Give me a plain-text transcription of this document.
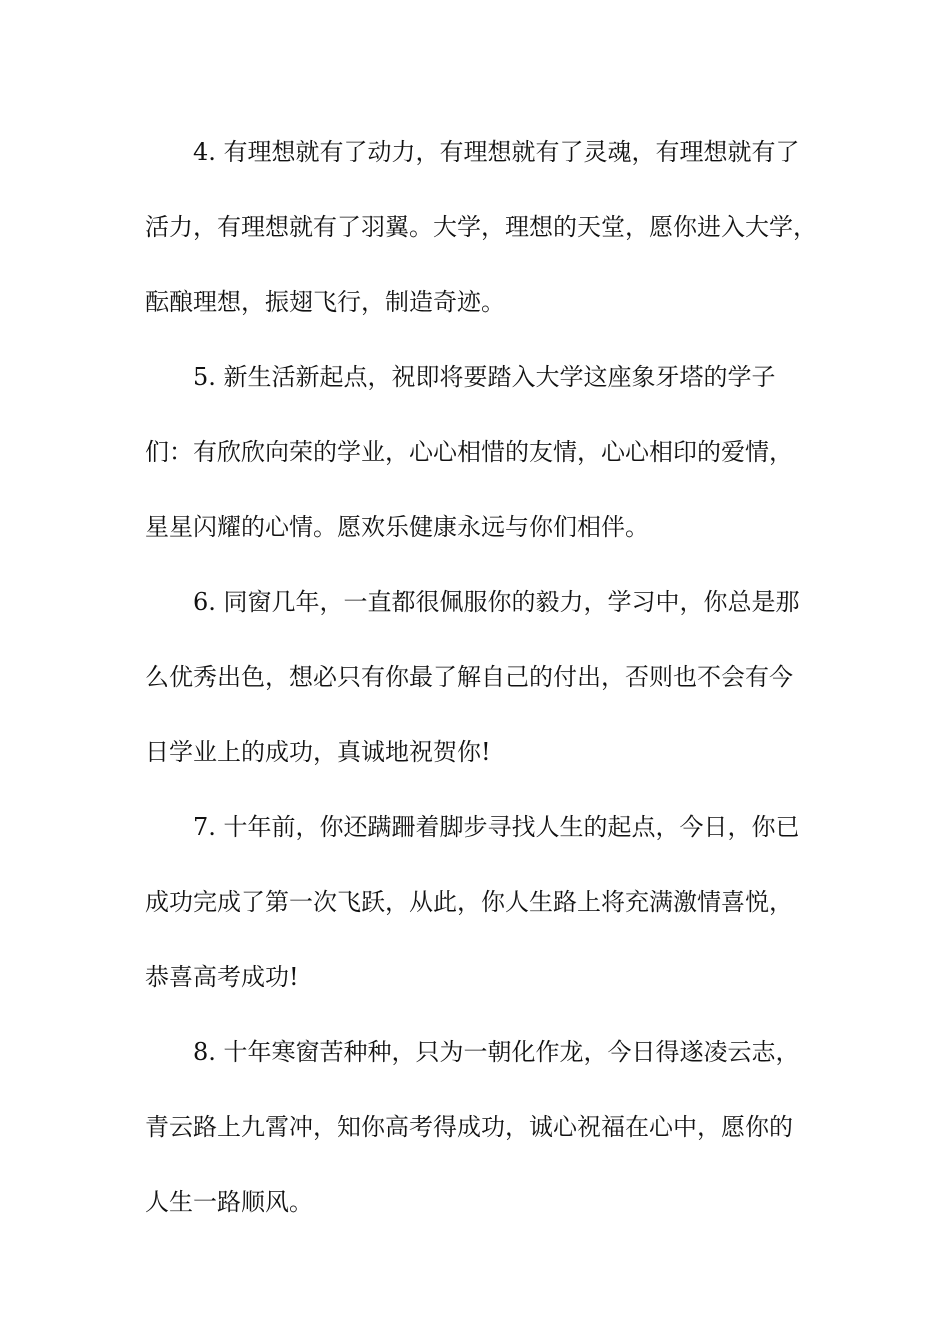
4. 有理想就有了动力，有理想就有了灵魂，有理想就有了
活力，有理想就有了羽翼。大学，理想的天堂，愿你进入大学，
酝酿理想，振翅飞行，制造奇迹。
5. 新生活新起点，祝即将要踏入大学这座象牙塔的学子
们：有欣欣向荣的学业，心心相惜的友情，心心相印的爱情，
星星闪耀的心情。愿欢乐健康永远与你们相伴。
6. 同窗几年，一直都很佩服你的毅力，学习中，你总是那
么优秀出色，想必只有你最了解自己的付出，否则也不会有今
日学业上的成功，真诚地祝贺你!
7. 十年前，你还蹒跚着脚步寻找人生的起点，今日，你已
成功完成了第一次飞跃，从此，你人生路上将充满激情喜悦，
恭喜高考成功!
8. 十年寒窗苦种种，只为一朝化作龙，今日得遂凌云志，
青云路上九霄冲，知你高考得成功，诚心祝福在心中，愿你的
人生一路顺风。
